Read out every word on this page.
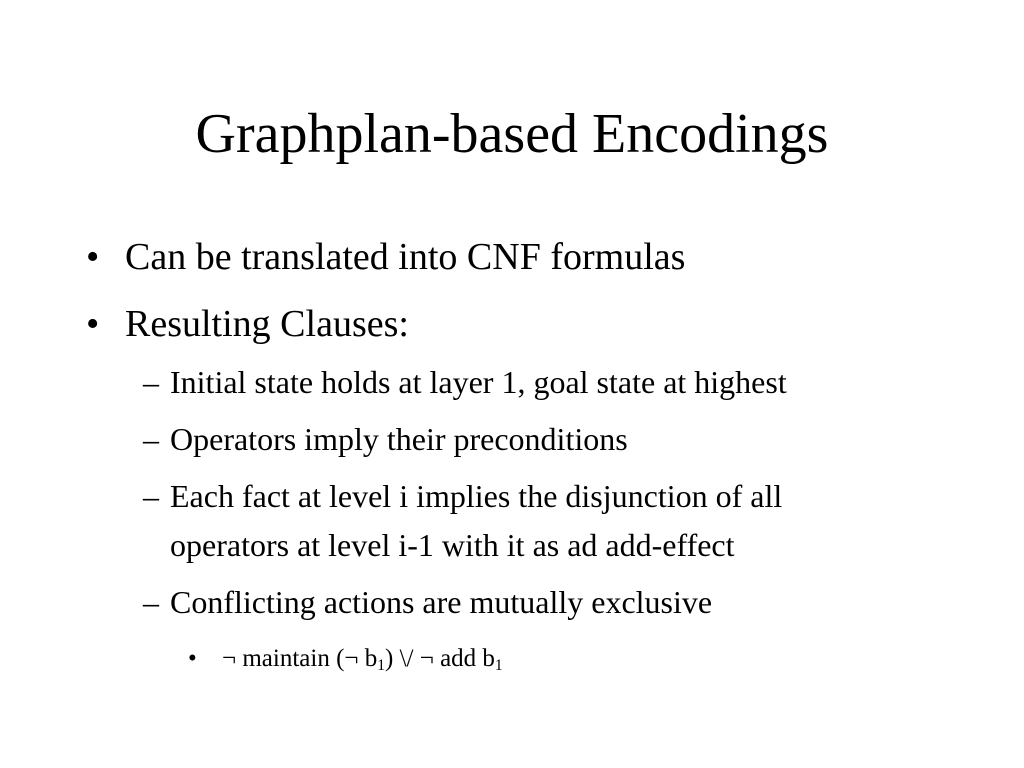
Graphplan-based Encodings
• Can be translated into CNF formulas
• Resulting Clauses:
– Initial state holds at layer 1, goal state at highest
– Operators imply their preconditions
– Each fact at level i implies the disjunction of all
operators at level i-1 with it as ad add-effect
– Conflicting actions are mutually exclusive
• ¬ maintain (¬ $b_1$) \/ ¬ add $b_1$
